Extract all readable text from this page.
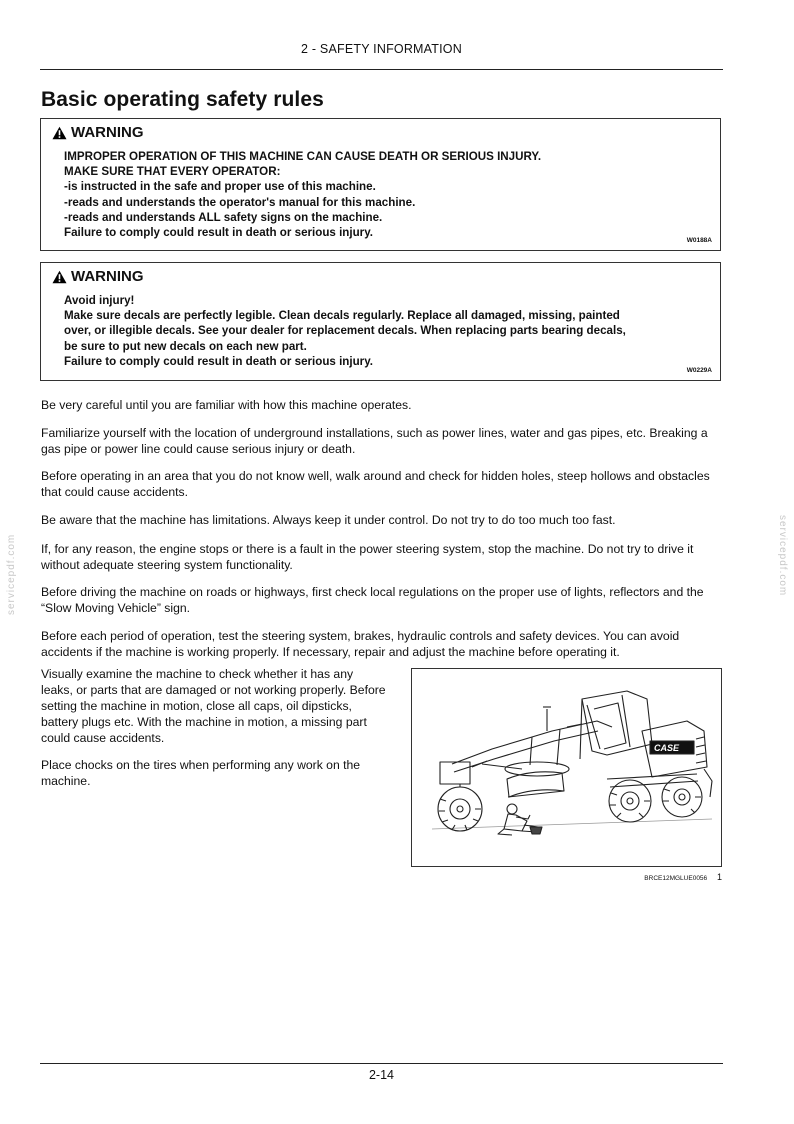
servicepdf.com	servicepdf.com
2 - SAFETY INFORMATION
Basic operating safety rules
WARNING
IMPROPER OPERATION OF THIS MACHINE CAN CAUSE DEATH OR SERIOUS INJURY.
MAKE SURE THAT EVERY OPERATOR:
-is instructed in the safe and proper use of this machine.
-reads and understands the operator's manual for this machine.
-reads and understands ALL safety signs on the machine.
Failure to comply could result in death or serious injury.
W0188A
WARNING
Avoid injury!
Make sure decals are perfectly legible. Clean decals regularly. Replace all damaged, missing, painted
over, or illegible decals. See your dealer for replacement decals. When replacing parts bearing decals,
be sure to put new decals on each new part.
Failure to comply could result in death or serious injury.
W0229A

Be very careful until you are familiar with how this machine operates.

Familiarize yourself with the location of underground installations, such as power lines, water and gas pipes, etc. Breaking a gas pipe or power line could cause serious injury or death.

Before operating in an area that you do not know well, walk around and check for hidden holes, steep hollows and obstacles that could cause accidents.

Be aware that the machine has limitations. Always keep it under control. Do not try to do too much too fast.

If, for any reason, the engine stops or there is a fault in the power steering system, stop the machine. Do not try to drive it without adequate steering system functionality.

Before driving the machine on roads or highways, first check local regulations on the proper use of lights, reflectors and the “Slow Moving Vehicle” sign.

Before each period of operation, test the steering system, brakes, hydraulic controls and safety devices. You can avoid accidents if the machine is working properly. If necessary, repair and adjust the machine before operating it.

Visually examine the machine to check whether it has any leaks, or parts that are damaged or not working properly. Before setting the machine in motion, close all caps, oil dipsticks, battery plugs etc. With the machine in motion, a missing part could cause accidents.

Place chocks on the tires when performing any work on the machine.

CASE
BRCE12MGLUE0056 1
2-14
